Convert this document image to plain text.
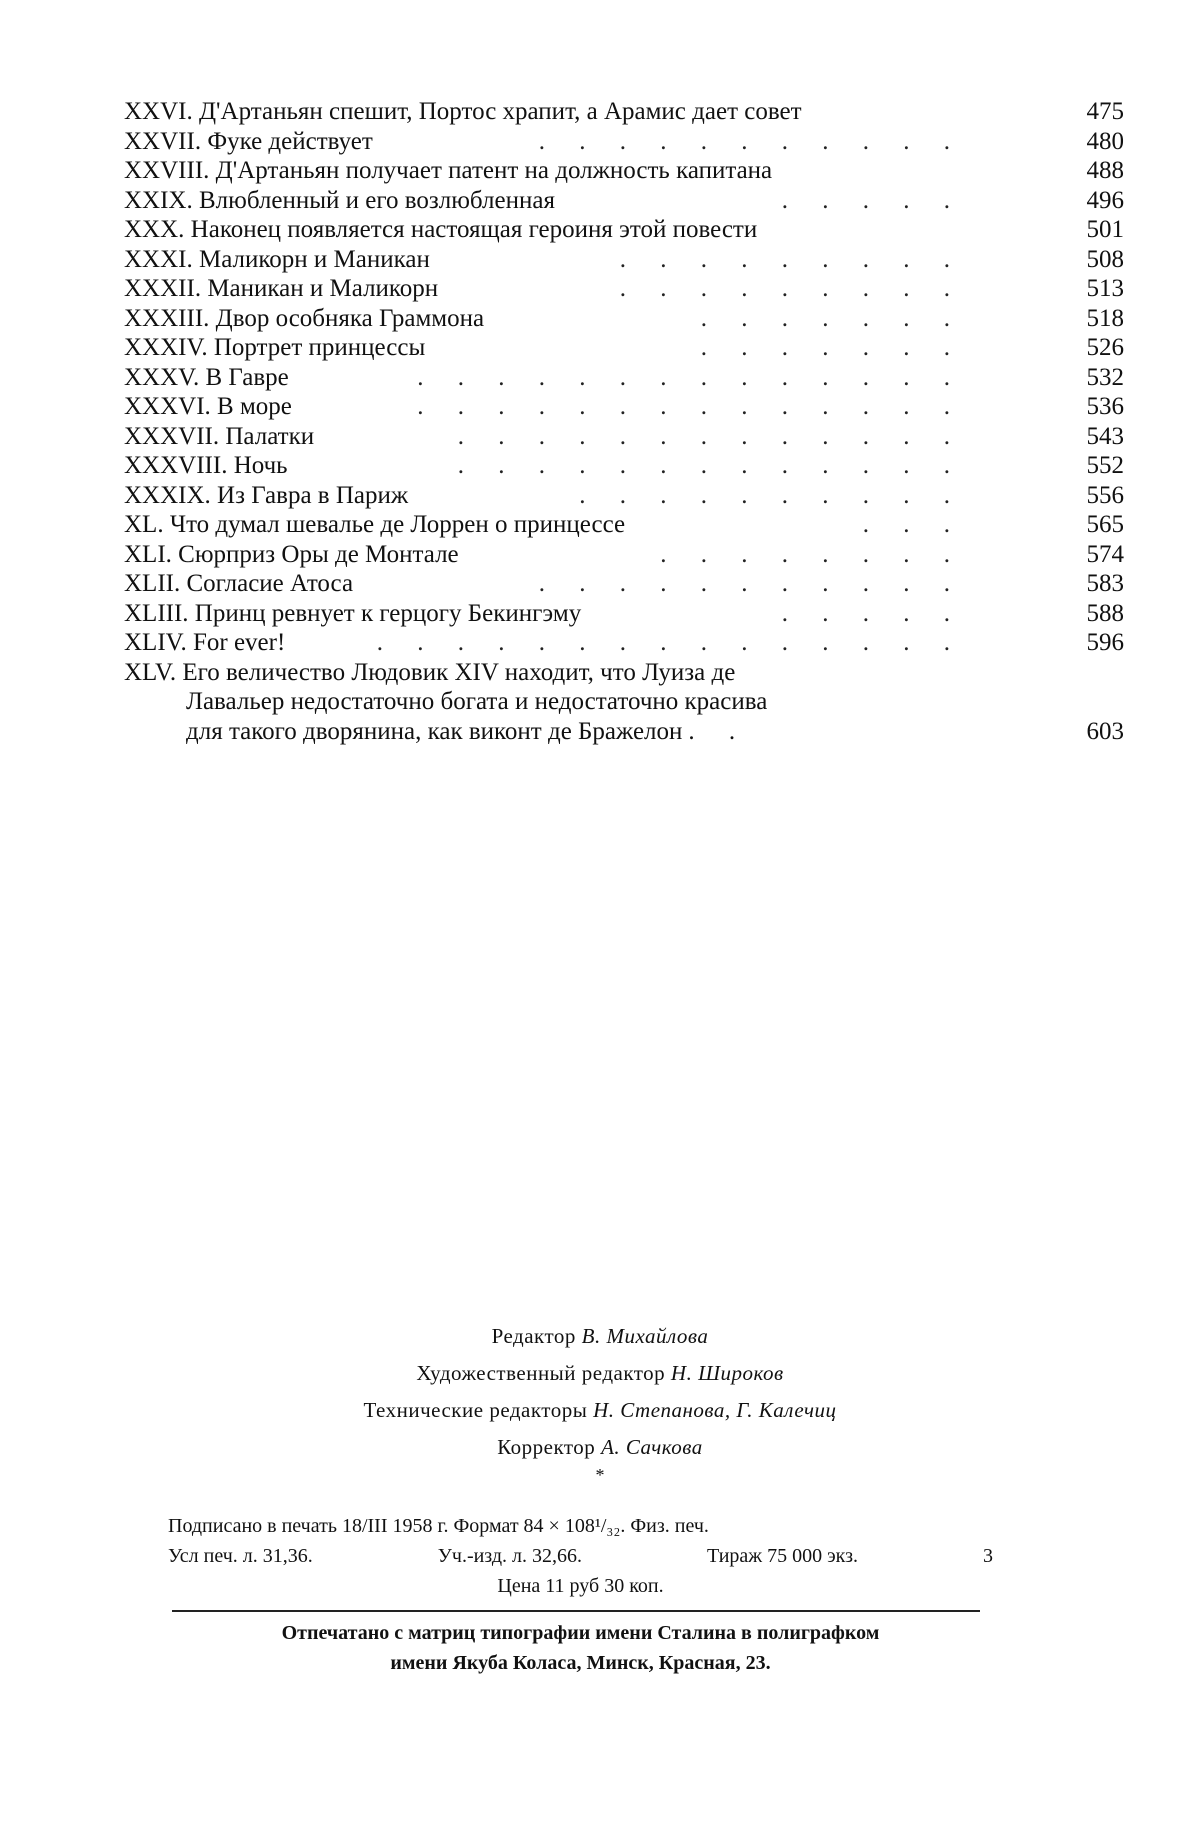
XXVI. Д'Артаньян спешит, Портос храпит, а Арамис дает совет	475
XXVII. Фуке действует	. . . . . . . . . . .	480
XXVIII. Д'Артаньян получает патент на должность капитана	488
XXIX. Влюбленный и его возлюбленная	. . . . .	496
XXX. Наконец появляется настоящая героиня этой повести	501
XXXI. Маликорн и Маникан	. . . . . . . . .	508
XXXII. Маникан и Маликорн	. . . . . . . . .	513
XXXIII. Двор особняка Граммона	. . . . . . .	518
XXXIV. Портрет принцессы	. . . . . . .	526
XXXV. В Гавре	. . . . . . . . . . . . . .	532
XXXVI. В море	. . . . . . . . . . . . . .	536
XXXVII. Палатки	. . . . . . . . . . . . .	543
XXXVIII. Ночь	. . . . . . . . . . . . .	552
XXXIX. Из Гавра в Париж	. . . . . . . . . .	556
XL. Что думал шевалье де Лоррен о принцессе	. . .	565
XLI. Сюрприз Оры де Монтале	. . . . . . . .	574
XLII. Согласие Атоса	. . . . . . . . . . .	583
XLIII. Принц ревнует к герцогу Бекингэму	. . . . .	588
XLIV. For ever!	. . . . . . . . . . . . . . .	596
XLV. Его величество Людовик XIV находит, что Луиза де
Лавальер недостаточно богата и недостаточно красива
для такого дворянина, как виконт де Бражелон . .	603
Редактор В. Михайлова
Художественный редактор Н. Широков
Технические редакторы Н. Степанова, Г. Калечиц
Корректор А. Сачкова
*
Подписано в печать 18/III 1958 г. Формат 84 × 108¹/₃₂. Физ. печ.
Усл печ. л. 31,36.	Уч.-изд. л. 32,66.	Тираж 75 000 экз.	3
Цена 11 руб 30 коп.
Отпечатано с матриц типографии имени Сталина в полиграфком
имени Якуба Коласа, Минск, Красная, 23.
